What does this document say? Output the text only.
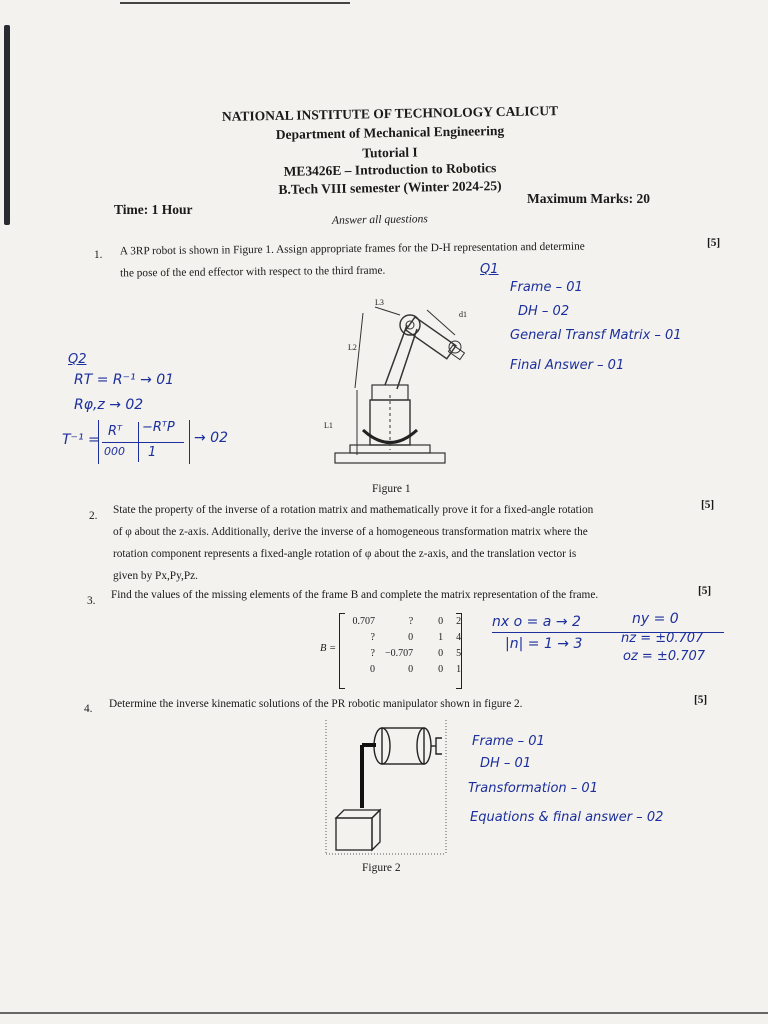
NATIONAL INSTITUTE OF TECHNOLOGY CALICUT
Department of Mechanical Engineering
Tutorial I
ME3426E – Introduction to Robotics
B.Tech VIII semester (Winter 2024-25)
Time: 1 Hour
Maximum Marks: 20
Answer all questions
1. A 3RP robot is shown in Figure 1. Assign appropriate frames for the D-H representation and determine
the pose of the end effector with respect to the third frame.
[5]
L1
L2
L3
d1
Figure 1
Q1
Frame – 01
DH – 02
General Transf Matrix – 01
Final Answer – 01
Q2
RT = R⁻¹ → 01
Rφ,z → 02
T⁻¹ =
Rᵀ −RᵀP
000 1
→ 02
2. State the property of the inverse of a rotation matrix and mathematically prove it for a fixed-angle rotation
of φ about the z-axis. Additionally, derive the inverse of a homogeneous transformation matrix where the
rotation component represents a fixed-angle rotation of φ about the z-axis, and the translation vector is
given by Px,Py,Pz.
[5]
3. Find the values of the missing elements of the frame B and complete the matrix representation of the frame.	[5]
B =
0.707	?	0	2
?	0	1	4
?	−0.707	0	5
0	0	0	1
nx o = a → 2	ny = 0
|n| = 1 → 3	nz = ±0.707
oz = ±0.707
4. Determine the inverse kinematic solutions of the PR robotic manipulator shown in figure 2.	[5]
Figure 2
Frame – 01
DH – 01
Transformation – 01
Equations & final answer – 02
